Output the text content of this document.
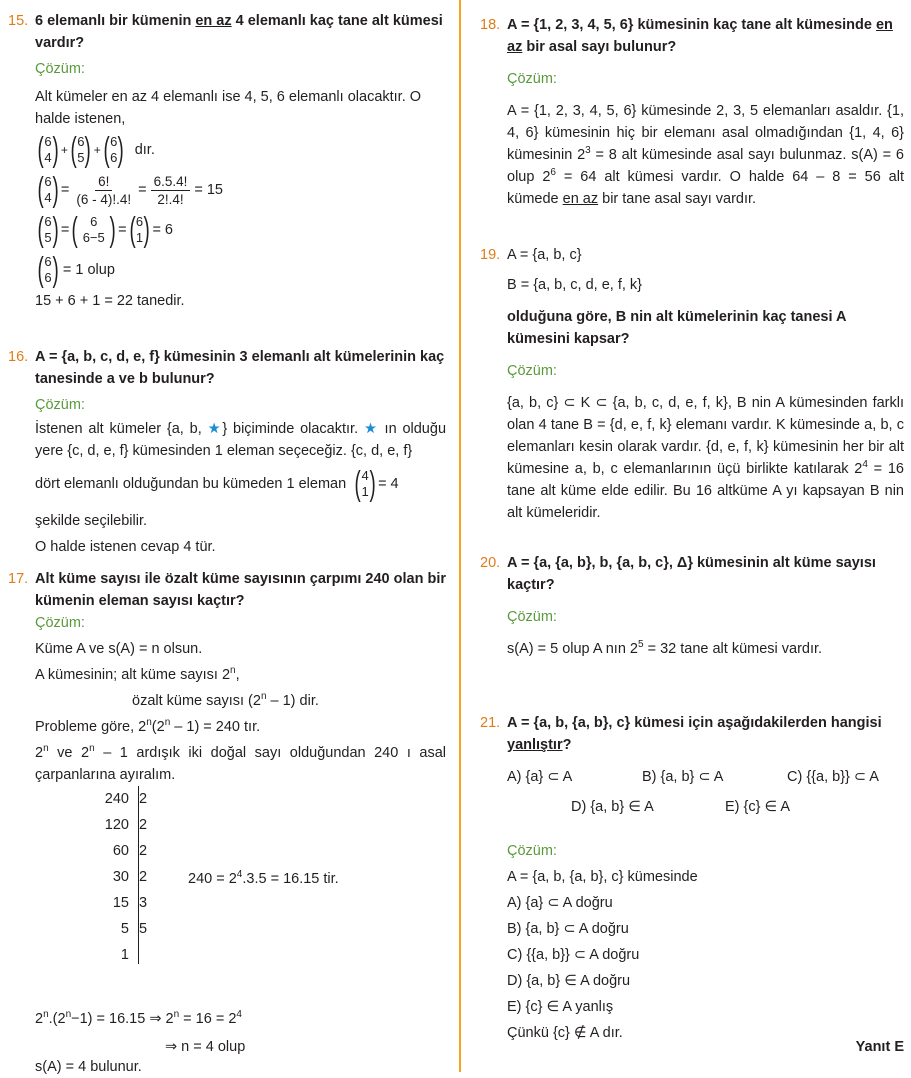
15. 6 elemanlı bir kümenin en az 4 elemanlı kaç tane alt kümesi vardır?
Çözüm:
Alt kümeler en az 4 elemanlı ise 4, 5, 6 elemanlı olacaktır. O halde istenen,
( 6
4 ) + ( 6
5 ) + ( 6
6 ) dır.
( 6
4 ) = $\frac{6!}{(6 - 4)!.4!} = \frac{6.5.4!}{2!.4!} = 15$
( 6
5 ) = ( 6
6−5 ) = ( 6
1 ) = 6
( 6
6 ) = 1 olup
15 + 6 + 1 = 22 tanedir.
16. A = {a, b, c, d, e, f} kümesinin 3 elemanlı alt kümelerinin kaç tanesinde a ve b bulunur?
Çözüm:
İstenen alt kümeler {a, b, ★} biçiminde olacaktır. ★ ın olduğu yere {c, d, e, f} kümesinden 1 eleman seçeceğiz. {c, d, e, f}
dört elemanlı olduğundan bu kümeden 1 eleman ( 4
1 ) = 4
şekilde seçilebilir.
O halde istenen cevap 4 tür.
17. Alt küme sayısı ile özalt küme sayısının çarpımı 240 olan bir kümenin eleman sayısı kaçtır?
Çözüm:
Küme A ve s(A) = n olsun.
A kümesinin; alt küme sayısı 2$^n$,
özalt küme sayısı (2$^n$ – 1) dir.
Probleme göre, 2$^n$(2$^n$ – 1) = 240 tır.
2$^n$ ve 2$^n$ – 1 ardışık iki doğal sayı olduğundan 240 ı asal çarpanlarına ayıralım.
240 2
120 2
60 2
30 2
15 3
5 5
1
$240 = 2^4.3.5 = 16.15$ tir.
$2^n.(2^n-1) = 16.15$ ⇒ $2^n = 16 = 2^4$
⇒ n = 4 olup
s(A) = 4 bulunur.
18. A = {1, 2, 3, 4, 5, 6} kümesinin kaç tane alt kümesinde en az bir asal sayı bulunur?
Çözüm:
A = {1, 2, 3, 4, 5, 6} kümesinde 2, 3, 5 elemanları asaldır. {1, 4, 6} kümesinin hiç bir elemanı asal olmadığından {1, 4, 6} kümesinin $2^3 = 8$ alt kümesinde asal sayı bulunmaz. s(A) = 6 olup $2^6 = 64$ alt kümesi vardır. O halde 64 – 8 = 56 alt kümede en az bir tane asal sayı vardır.
19. A = {a, b, c}
B = {a, b, c, d, e, f, k}
olduğuna göre, B nin alt kümelerinin kaç tanesi A kümesini kapsar?
Çözüm:
{a, b, c} ⊂ K ⊂ {a, b, c, d, e, f, k}, B nin A kümesinden farklı olan 4 tane B = {d, e, f, k} elemanı vardır. K kümesinde a, b, c elemanları kesin olarak vardır. {d, e, f, k} kümesinin her bir alt kümesine a, b, c elemanlarının üçü birlikte katılarak $2^4 = 16$ tane alt küme elde edilir. Bu 16 altküme A yı kapsayan B nin alt kümeleridir.
20. A = {a, {a, b}, b, {a, b, c}, Δ} kümesinin alt küme sayısı kaçtır?
Çözüm:
s(A) = 5 olup A nın $2^5 = 32$ tane alt kümesi vardır.
21. A = {a, b, {a, b}, c} kümesi için aşağıdakilerden hangisi
yanlıştır?
A) {a} ⊂ A	B) {a, b} ⊂ A	C) {{a, b}} ⊂ A
D) {a, b} ∈ A	E) {c} ∈ A
Çözüm:
A = {a, b, {a, b}, c} kümesinde
A) {a} ⊂ A doğru
B) {a, b} ⊂ A doğru
C) {{a, b}} ⊂ A doğru
D) {a, b} ∈ A doğru
E) {c} ∈ A yanlış
Çünkü {c} ∉ A dır.
Yanıt E
